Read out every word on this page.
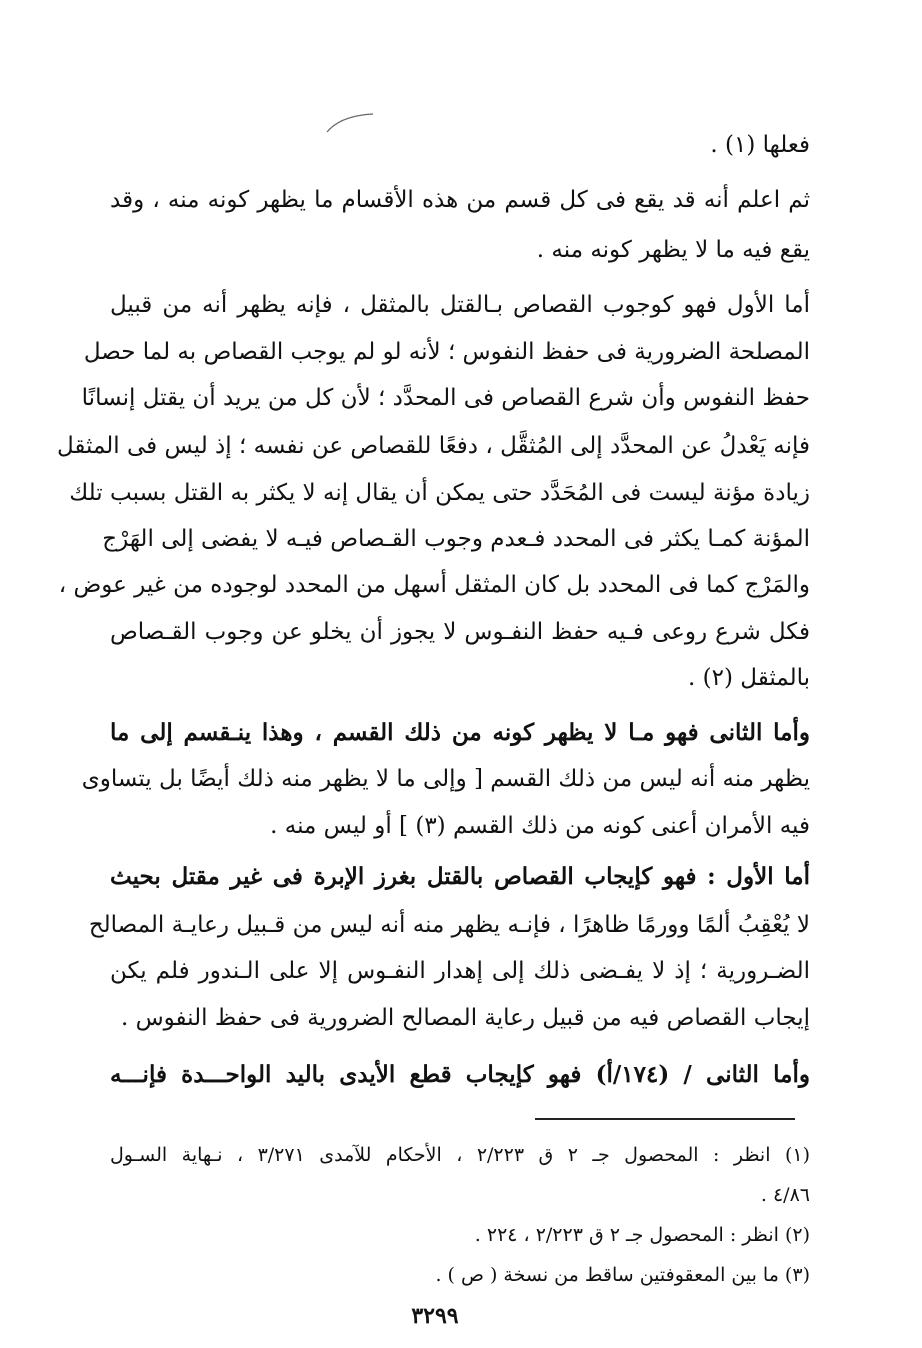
فعلها (١) .
ثم اعلم أنه قد يقع فى كل قسم من هذه الأقسام ما يظهر كونه منه ، وقد
يقع فيه ما لا يظهر كونه منه .
أما الأول فهو كوجوب القصاص بـالقتل بالمثقل ، فإنه يظهر أنه من قبيل
المصلحة الضرورية فى حفظ النفوس ؛ لأنه لو لم يوجب القصاص به لما حصل
حفظ النفوس وأن شرع القصاص فى المحدَّد ؛ لأن كل من يريد أن يقتل إنسانًا
فإنه يَعْدلُ عن المحدَّد إلى المُثقَّل ، دفعًا للقصاص عن نفسه ؛ إذ ليس فى المثقل
زيادة مؤنة ليست فى المُحَدَّد حتى يمكن أن يقال إنه لا يكثر به القتل بسبب تلك
المؤنة كمـا يكثر فى المحدد فـعدم وجوب القـصاص فيـه لا يفضى إلى الهَرْج
والمَرْج كما فى المحدد بل كان المثقل أسهل من المحدد لوجوده من غير عوض ،
فكل شرع روعى فـيه حفظ النفـوس لا يجوز أن يخلو عن وجوب القـصاص
بالمثقل (٢) .
وأما الثانى فهو مـا لا يظهر كونه من ذلك القسم ، وهذا ينـقسم إلى ما
يظهر منه أنه ليس من ذلك القسم [ وإلى ما لا يظهر منه ذلك أيضًا بل يتساوى
فيه الأمران أعنى كونه من ذلك القسم (٣) ] أو ليس منه .
أما الأول : فهو كإيجاب القصاص بالقتل بغرز الإبرة فى غير مقتل بحيث
لا يُعْقِبُ ألمًا وورمًا ظاهرًا ، فإنـه يظهر منه أنه ليس من قـبيل رعايـة المصالح
الضـرورية ؛ إذ لا يفـضى ذلك إلى إهدار النفـوس إلا على الـندور فلم يكن
إيجاب القصاص فيه من قبيل رعاية المصالح الضرورية فى حفظ النفوس .
وأما الثانى / (١٧٤/أ) فهو كإيجاب قطع الأيدى باليد الواحـــدة فإنـــه
(١) انظر : المحصول جـ ٢ ق ٢/٢٢٣ ، الأحكام للآمدى ٣/٢٧١ ، نـهاية السـول
٤/٨٦ .
(٢) انظر : المحصول جـ ٢ ق ٢/٢٢٣ ، ٢٢٤ .
(٣) ما بين المعقوفتين ساقط من نسخة ( ص ) .
٣٢٩٩
